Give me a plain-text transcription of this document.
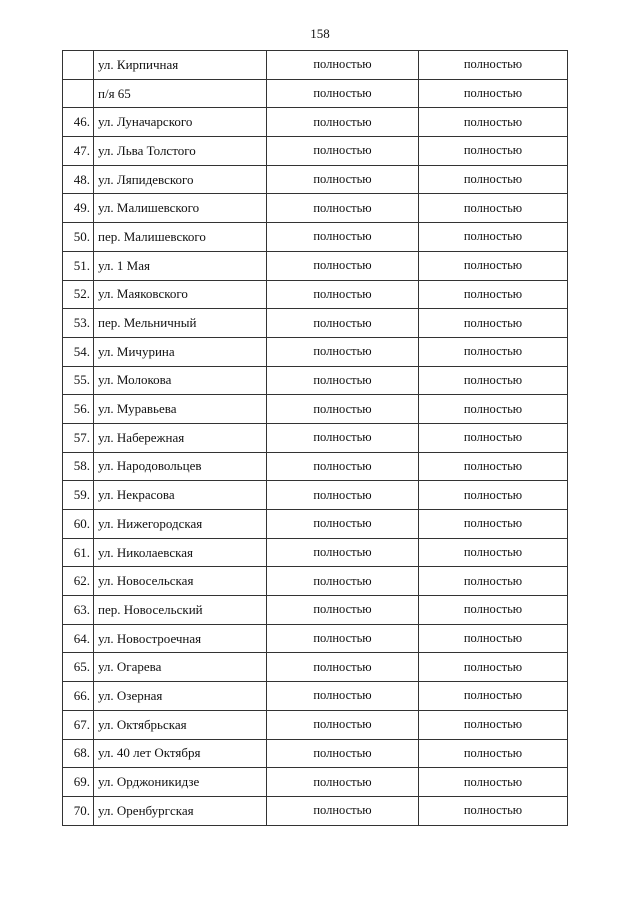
158
	ул. Кирпичная	полностью	полностью
	п/я 65	полностью	полностью
46.	ул. Луначарского	полностью	полностью
47.	ул. Льва Толстого	полностью	полностью
48.	ул. Ляпидевского	полностью	полностью
49.	ул. Малишевского	полностью	полностью
50.	пер. Малишевского	полностью	полностью
51.	ул. 1 Мая	полностью	полностью
52.	ул. Маяковского	полностью	полностью
53.	пер. Мельничный	полностью	полностью
54.	ул. Мичурина	полностью	полностью
55.	ул. Молокова	полностью	полностью
56.	ул. Муравьева	полностью	полностью
57.	ул. Набережная	полностью	полностью
58.	ул. Народовольцев	полностью	полностью
59.	ул. Некрасова	полностью	полностью
60.	ул. Нижегородская	полностью	полностью
61.	ул. Николаевская	полностью	полностью
62.	ул. Новосельская	полностью	полностью
63.	пер. Новосельский	полностью	полностью
64.	ул. Новостроечная	полностью	полностью
65.	ул. Огарева	полностью	полностью
66.	ул. Озерная	полностью	полностью
67.	ул. Октябрьская	полностью	полностью
68.	ул. 40 лет Октября	полностью	полностью
69.	ул. Орджоникидзе	полностью	полностью
70.	ул. Оренбургская	полностью	полностью
